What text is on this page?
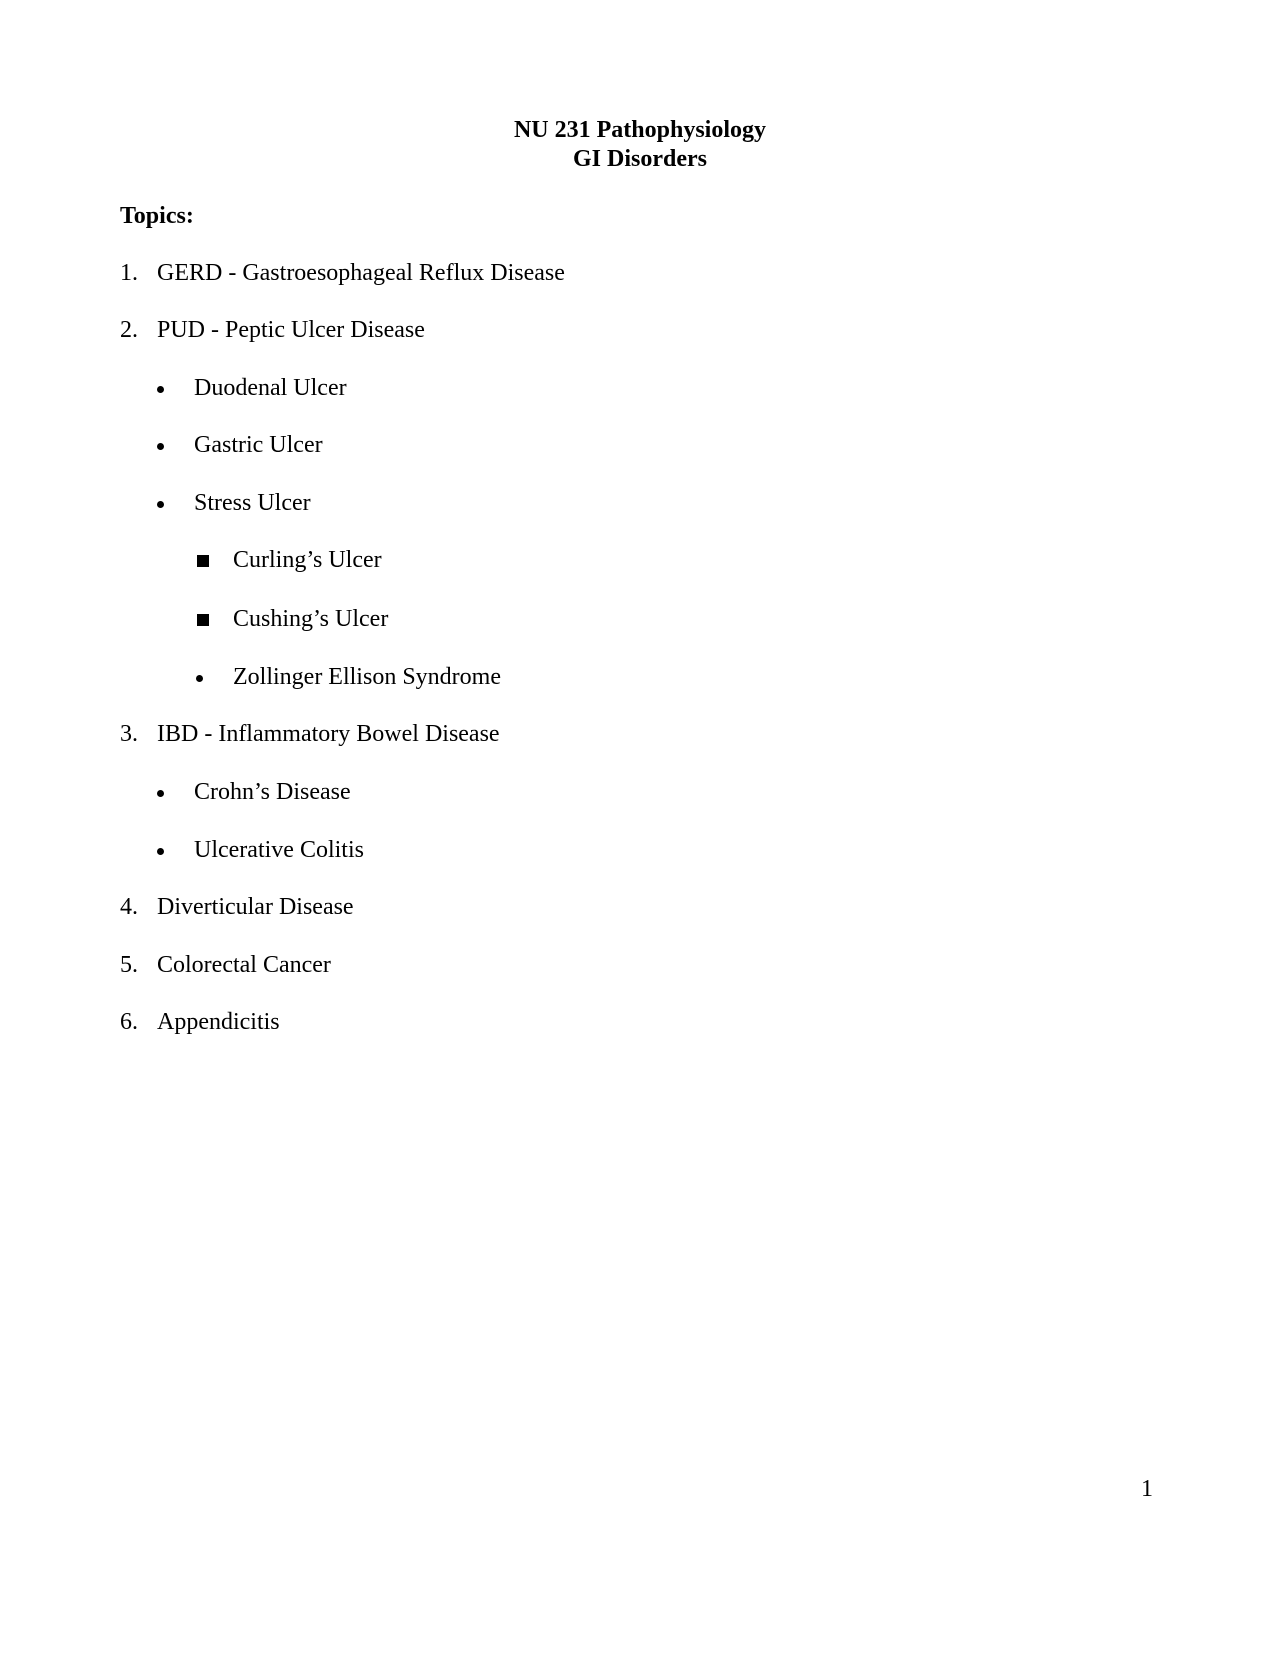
NU 231 Pathophysiology
GI Disorders
Topics:
1. GERD - Gastroesophageal Reflux Disease
2. PUD - Peptic Ulcer Disease
Duodenal Ulcer
Gastric Ulcer
Stress Ulcer
Curling’s Ulcer
Cushing’s Ulcer
Zollinger Ellison Syndrome
3. IBD - Inflammatory Bowel Disease
Crohn’s Disease
Ulcerative Colitis
4. Diverticular Disease
5. Colorectal Cancer
6. Appendicitis
1
